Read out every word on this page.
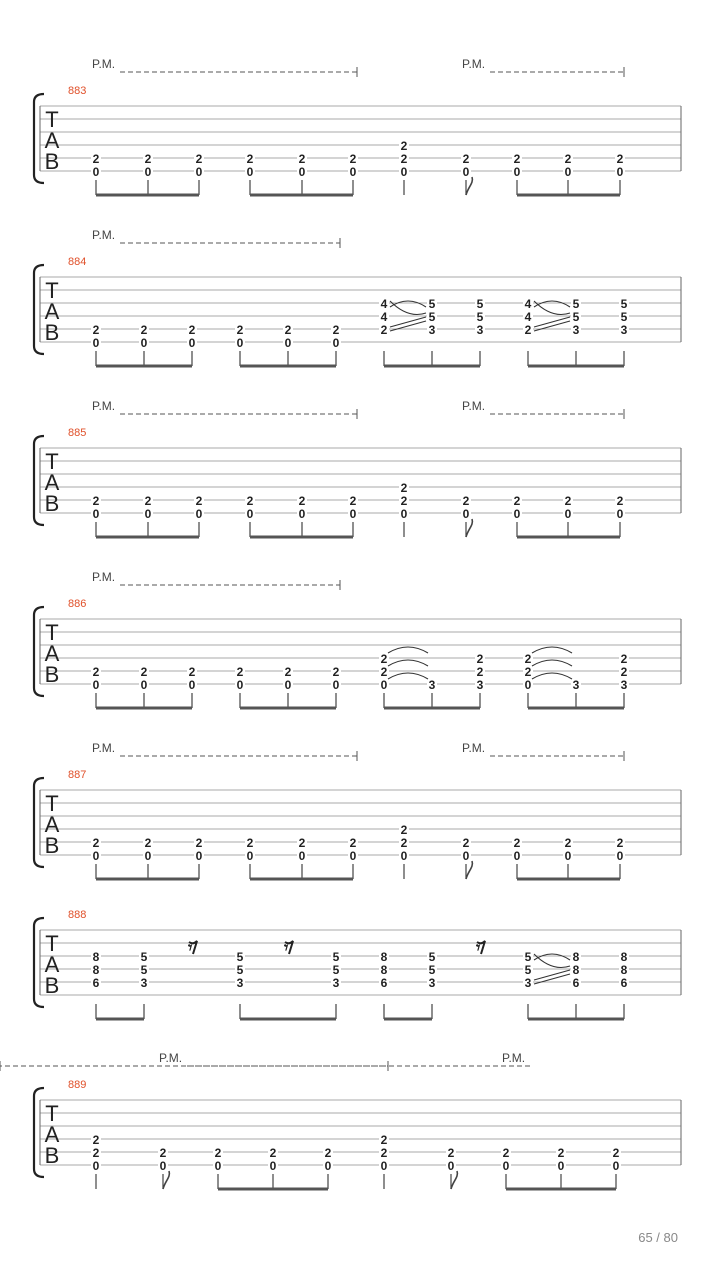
T
A
B
883
P.M.	P.M.
2
0
2
0
2
0
2
0
2
0
2
0
2
2
0
2
0
2
0
2
0
2
0
T
A
B
884
P.M.
2
0
2
0
2
0
2
0
2
0
2
0
4
4
2
5
5
3
5
5
3
4
4
2
5
5
3
5
5
3
T
A
B
885
P.M.	P.M.
2
0
2
0
2
0
2
0
2
0
2
0
2
2
0
2
0
2
0
2
0
2
0
T
A
B
886
P.M.
2
0
2
0
2
0
2
0
2
0
2
0
2
2
0	3
2
2
3
2
2
0	3
2
2
3
T
A
B
887
P.M.	P.M.
2
0
2
0
2
0
2
0
2
0
2
0
2
2
0
2
0
2
0
2
0
2
0
T
A
B
888
8
8
6
5
5
3
𝄾	5
5
3
𝄾	5
5
3
8
8
6
5
5
3
𝄾	5
5
3
8
8
6
8
8
6
T
A
B
889
P.M.	P.M.
2
2
0
2
0
2
0
2
0
2
0
2
2
0
2
0
2
0
2
0
2
0
65 / 80
